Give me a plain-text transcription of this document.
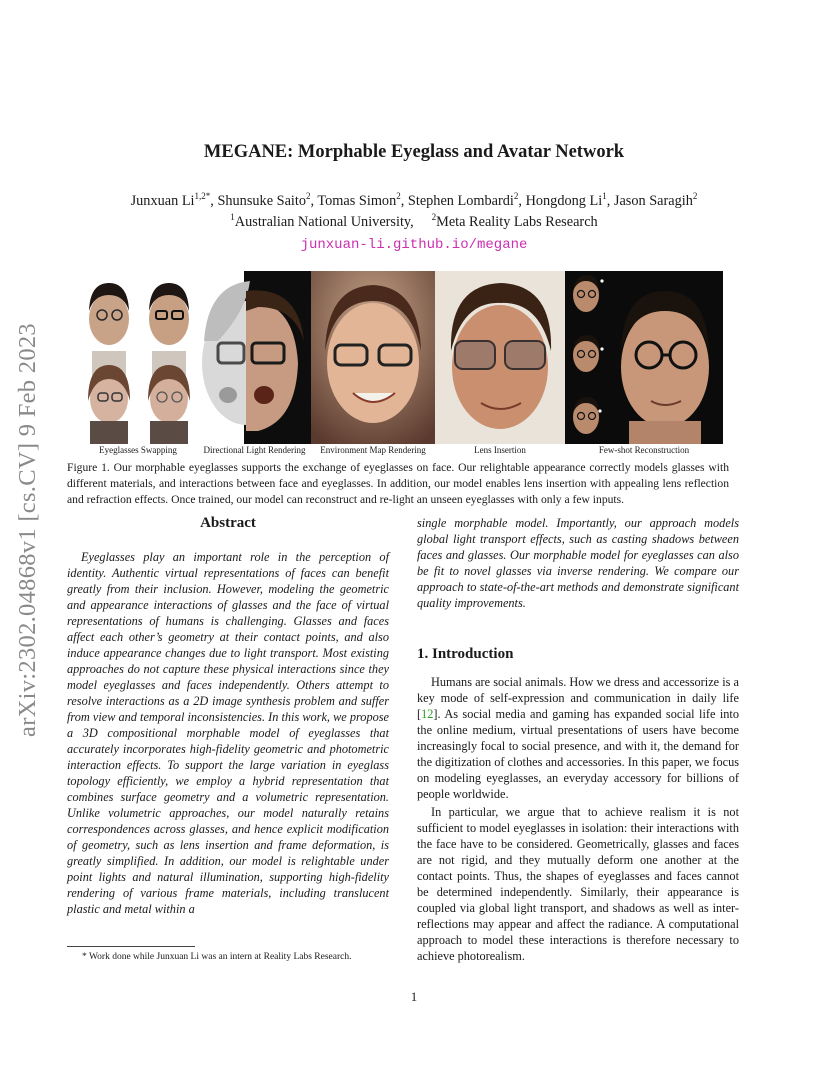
arXiv:2302.04868v1 [cs.CV] 9 Feb 2023
MEGANE: Morphable Eyeglass and Avatar Network
Junxuan $Li^{1,2*}$, Shunsuke Saito$^2$, Tomas Simon$^2$, Stephen Lombardi$^2$, Hongdong Li$^1$, Jason Saragih$^2$
$^1$Australian National University, $^2$Meta Reality Labs Research
junxuan-li.github.io/megane
Eyeglasses Swapping	Directional Light Rendering	Environment Map Rendering	Lens Insertion	Few-shot Reconstruction
Figure 1. Our morphable eyeglasses supports the exchange of eyeglasses on face. Our relightable appearance correctly models glasses with different materials, and interactions between face and eyeglasses. In addition, our model enables lens insertion with appealing lens reflection and refraction effects. Once trained, our model can reconstruct and re-light an unseen eyeglasses with only a few inputs.
Abstract
Eyeglasses play an important role in the perception of identity. Authentic virtual representations of faces can benefit greatly from their inclusion. However, modeling the geometric and appearance interactions of glasses and the face of virtual representations of humans is challenging. Glasses and faces affect each other’s geometry at their contact points, and also induce appearance changes due to light transport. Most existing approaches do not capture these physical interactions since they model eyeglasses and faces independently. Others attempt to resolve interactions as a 2D image synthesis problem and suffer from view and temporal inconsistencies. In this work, we propose a 3D compositional morphable model of eyeglasses that accurately incorporates high-fidelity geometric and photometric interaction effects. To support the large variation in eyeglass topology efficiently, we employ a hybrid representation that combines surface geometry and a volumetric representation. Unlike volumetric approaches, our model naturally retains correspondences across glasses, and hence explicit modification of geometry, such as lens insertion and frame deformation, is greatly simplified. In addition, our model is relightable under point lights and natural illumination, supporting high-fidelity rendering of various frame materials, including translucent plastic and metal within a
* Work done while Junxuan Li was an intern at Reality Labs Research.
single morphable model. Importantly, our approach models global light transport effects, such as casting shadows between faces and glasses. Our morphable model for eyeglasses can also be fit to novel glasses via inverse rendering. We compare our approach to state-of-the-art methods and demonstrate significant quality improvements.
1. Introduction
Humans are social animals. How we dress and accessorize is a key mode of self-expression and communication in daily life [12]. As social media and gaming has expanded social life into the online medium, virtual presentations of users have become increasingly focal to social presence, and with it, the demand for the digitization of clothes and accessories. In this paper, we focus on modeling eyeglasses, an everyday accessory for billions of people worldwide.
In particular, we argue that to achieve realism it is not sufficient to model eyeglasses in isolation: their interactions with the face have to be considered. Geometrically, glasses and faces are not rigid, and they mutually deform one another at the contact points. Thus, the shapes of eyeglasses and faces cannot be determined independently. Similarly, their appearance is coupled via global light transport, and shadows as well as inter-reflections may appear and affect the radiance. A computational approach to model these interactions is therefore necessary to achieve photorealism.
1
